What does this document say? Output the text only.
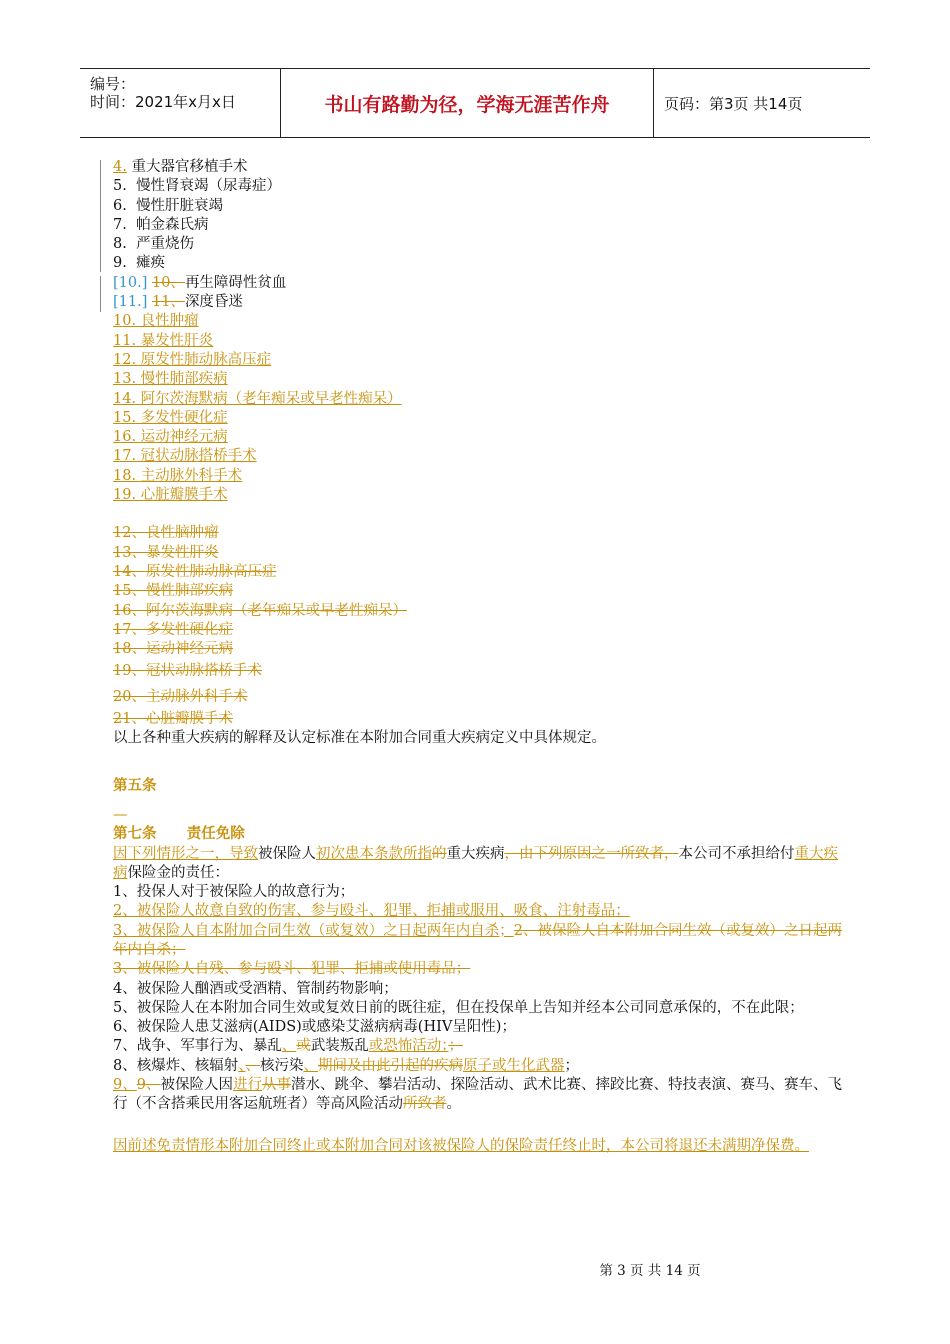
编号：
时间：2021年x月x日	书山有路勤为径，学海无涯苦作舟	页码：第3页 共14页
4. 重大器官移植手术
5. 慢性肾衰竭（尿毒症）
6. 慢性肝脏衰竭
7. 帕金森氏病
8. 严重烧伤
9. 瘫痪
[10.] 10、再生障碍性贫血
[11.] 11、深度昏迷
10. 良性肿瘤
11. 暴发性肝炎
12. 原发性肺动脉高压症
13. 慢性肺部疾病
14. 阿尔茨海默病（老年痴呆或早老性痴呆）
15. 多发性硬化症
16. 运动神经元病
17. 冠状动脉搭桥手术
18. 主动脉外科手术
19. 心脏瓣膜手术
12、良性脑肿瘤
13、暴发性肝炎
14、原发性肺动脉高压症
15、慢性肺部疾病
16、阿尔茨海默病（老年痴呆或早老性痴呆）
17、多发性硬化症
18、运动神经元病
19、冠状动脉搭桥手术
20、主动脉外科手术
21、心脏瓣膜手术
以上各种重大疾病的解释及认定标准在本附加合同重大疾病定义中具体规定。
第五条
—
第七条 责任免除
因下列情形之一，导致被保险人初次患本条款所指的重大疾病，由下列原因之一所致者，本公司不承担给付重大疾病保险金的责任：
1、投保人对于被保险人的故意行为；
2、被保险人故意自致的伤害、参与殴斗、犯罪、拒捕或服用、吸食、注射毒品；
3、被保险人自本附加合同生效（或复效）之日起两年内自杀；2、被保险人自本附加合同生效（或复效）之日起两年内自杀；
3、被保险人自残、参与殴斗、犯罪、拒捕或使用毒品；
4、被保险人酗酒或受酒精、管制药物影响；
5、被保险人在本附加合同生效或复效日前的既往症，但在投保单上告知并经本公司同意承保的，不在此限；
6、被保险人患艾滋病(AIDS)或感染艾滋病病毒(HIV呈阳性)；
7、战争、军事行为、暴乱、或武装叛乱或恐怖活动；；
8、核爆炸、核辐射、、核污染、期间及由此引起的疾病原子或生化武器；
9、9、被保险人因进行从事潜水、跳伞、攀岩活动、探险活动、武术比赛、摔跤比赛、特技表演、赛马、赛车、飞行（不含搭乘民用客运航班者）等高风险活动所致者。
因前述免责情形本附加合同终止或本附加合同对该被保险人的保险责任终止时，本公司将退还未满期净保费。
第 3 页 共 14 页
